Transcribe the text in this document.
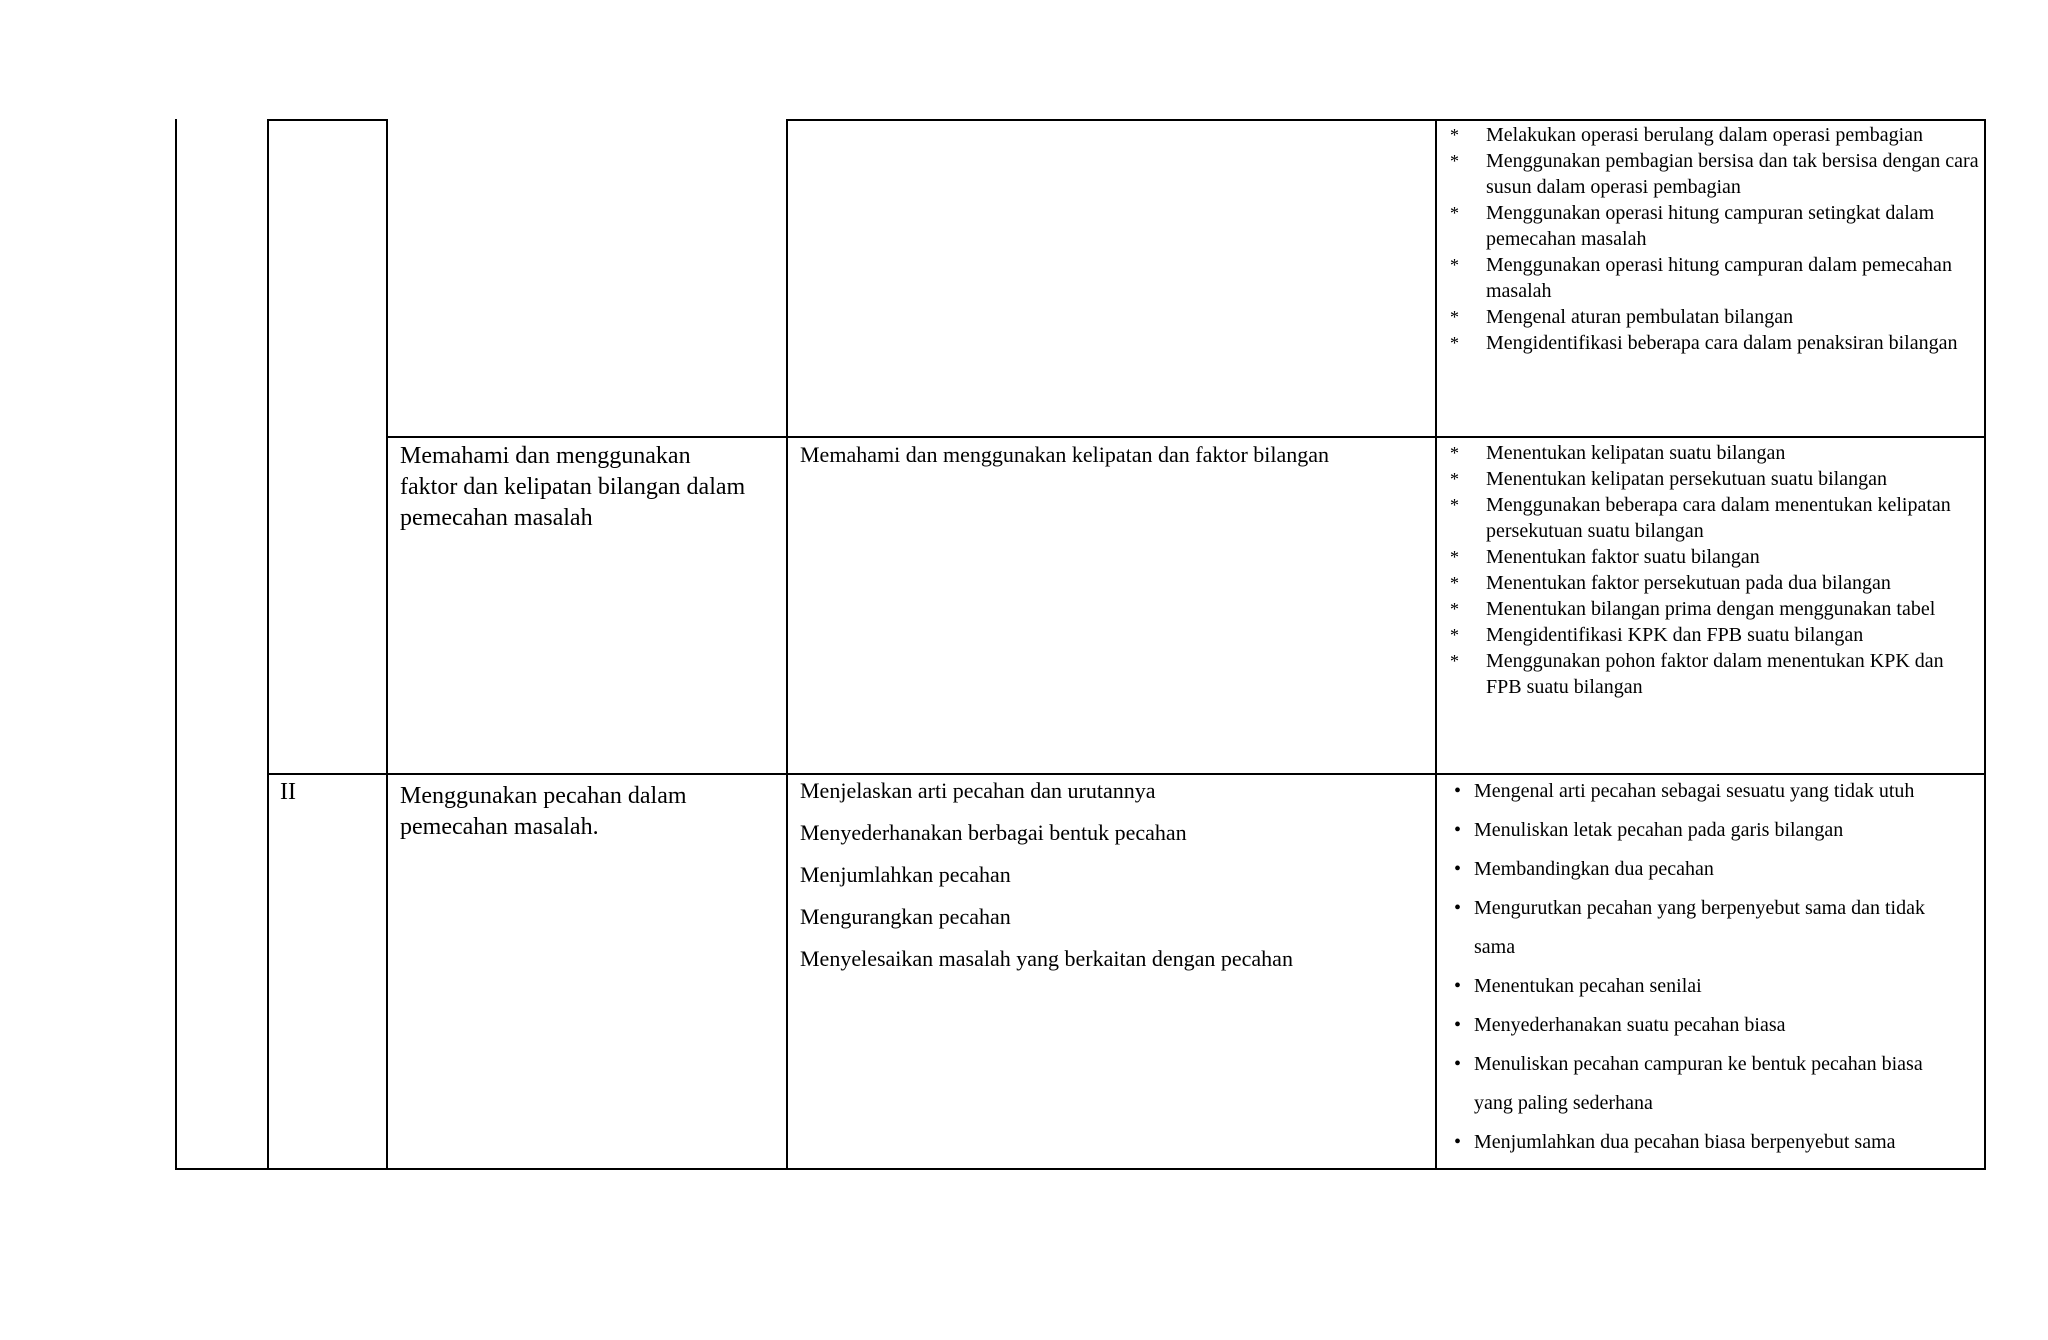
* Melakukan operasi berulang dalam operasi pembagian
* Menggunakan pembagian bersisa dan tak bersisa dengan cara susun dalam operasi pembagian
* Menggunakan operasi hitung campuran setingkat dalam pemecahan masalah
* Menggunakan operasi hitung campuran dalam pemecahan masalah
* Mengenal aturan pembulatan bilangan
* Mengidentifikasi beberapa cara dalam penaksiran bilangan
Memahami dan menggunakan faktor dan kelipatan bilangan dalam pemecahan masalah
Memahami dan menggunakan kelipatan dan faktor bilangan	* Menentukan kelipatan suatu bilangan
* Menentukan kelipatan persekutuan suatu bilangan
* Menggunakan beberapa cara dalam menentukan kelipatan persekutuan suatu bilangan
* Menentukan faktor suatu bilangan
* Menentukan faktor persekutuan pada dua bilangan
* Menentukan bilangan prima dengan menggunakan tabel
* Mengidentifikasi KPK dan FPB suatu bilangan
* Menggunakan pohon faktor dalam menentukan KPK dan FPB suatu bilangan
II	Menggunakan pecahan dalam pemecahan masalah.
Menjelaskan arti pecahan dan urutannya
Menyederhanakan berbagai bentuk pecahan
Menjumlahkan pecahan
Mengurangkan pecahan
Menyelesaikan masalah yang berkaitan dengan pecahan
• Mengenal arti pecahan sebagai sesuatu yang tidak utuh
• Menuliskan letak pecahan pada garis bilangan
• Membandingkan dua pecahan
• Mengurutkan pecahan yang berpenyebut sama dan tidak sama
• Menentukan pecahan senilai
• Menyederhanakan suatu pecahan biasa
• Menuliskan pecahan campuran ke bentuk pecahan biasa yang paling sederhana
• Menjumlahkan dua pecahan biasa berpenyebut sama
